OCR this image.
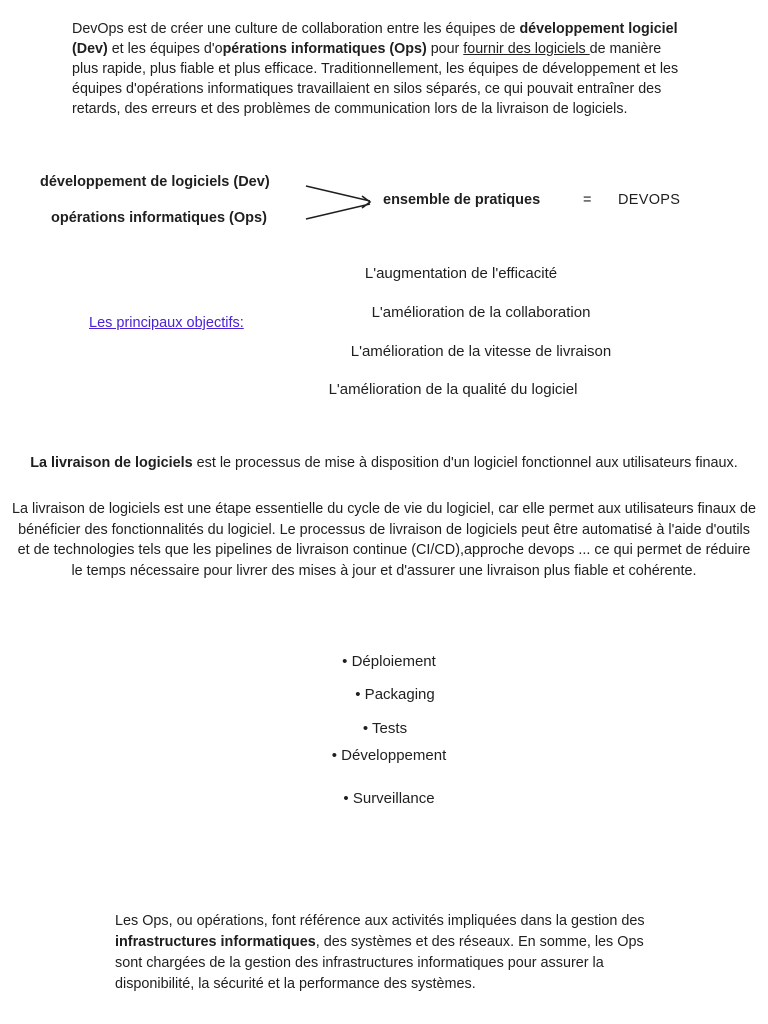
DevOps est de créer une culture de collaboration entre les équipes de développement logiciel (Dev) et les équipes d'opérations informatiques (Ops) pour fournir des logiciels de manière plus rapide, plus fiable et plus efficace. Traditionnellement, les équipes de développement et les équipes d'opérations informatiques travaillaient en silos séparés, ce qui pouvait entraîner des retards, des erreurs et des problèmes de communication lors de la livraison de logiciels.
développement de logiciels (Dev)
opérations informatiques (Ops)
ensemble de pratiques	= DEVOPS
Les principaux objectifs:
L'augmentation de l'efficacité
L'amélioration de la collaboration
L'amélioration de la vitesse de livraison
L'amélioration de la qualité du logiciel
La livraison de logiciels est le processus de mise à disposition d'un logiciel fonctionnel aux utilisateurs finaux.
La livraison de logiciels est une étape essentielle du cycle de vie du logiciel, car elle permet aux utilisateurs finaux de bénéficier des fonctionnalités du logiciel. Le processus de livraison de logiciels peut être automatisé à l'aide d'outils et de technologies tels que les pipelines de livraison continue (CI/CD),approche devops ... ce qui permet de réduire le temps nécessaire pour livrer des mises à jour et d'assurer une livraison plus fiable et cohérente.
• Déploiement
• Packaging
• Tests
• Développement
• Surveillance
Les Ops, ou opérations, font référence aux activités impliquées dans la gestion des infrastructures informatiques, des systèmes et des réseaux. En somme, les Ops sont chargées de la gestion des infrastructures informatiques pour assurer la disponibilité, la sécurité et la performance des systèmes.
